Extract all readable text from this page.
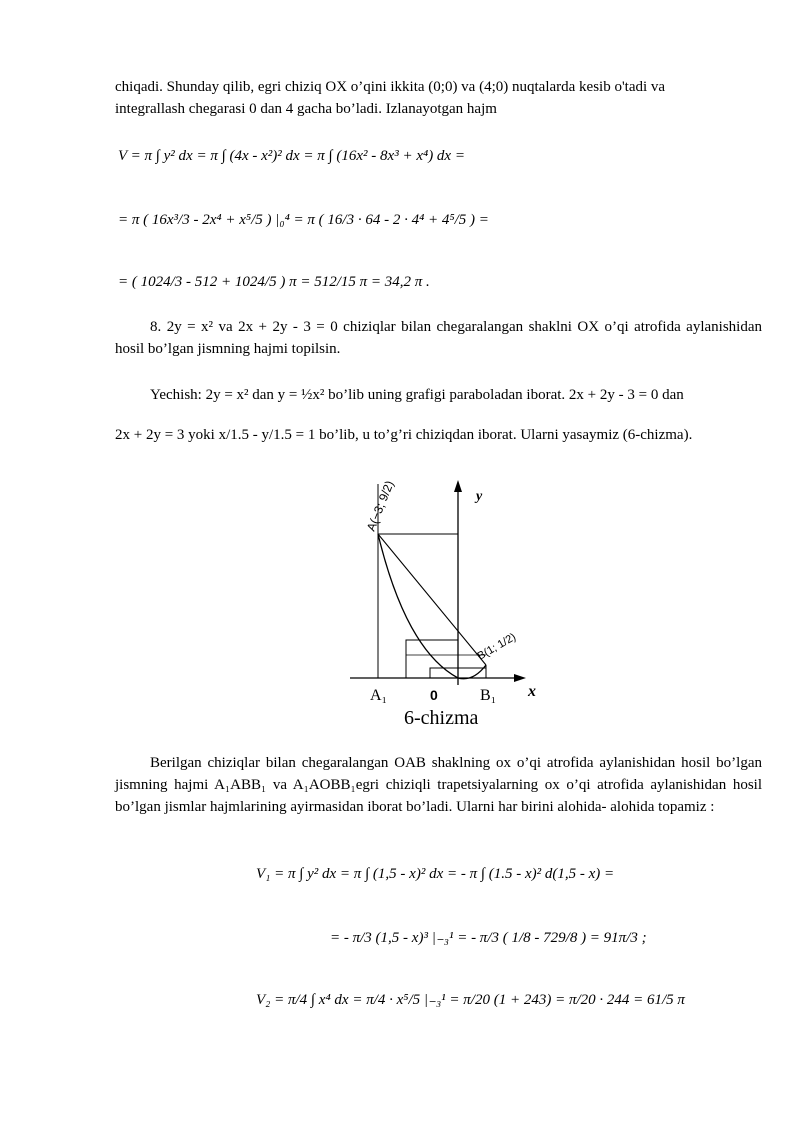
chiqadi. Shunday qilib, egri chiziq OX o’qini ikkita (0;0) va (4;0) nuqtalarda kesib o'tadi va
integrallash chegarasi 0 dan 4 gacha bo’ladi. Izlanayotgan hajm
V = π ∫ y² dx = π ∫ (4x - x²)² dx = π ∫ (16x² - 8x³ + x⁴) dx =
= π ( 16x³/3 - 2x⁴ + x⁵/5 ) |₀⁴ = π ( 16/3 · 64 - 2 · 4⁴ + 4⁵/5 ) =
= ( 1024/3 - 512 + 1024/5 ) π = 512/15 π = 34,2 π .
8. 2y = x² va 2x + 2y - 3 = 0 chiziqlar bilan chegaralangan shaklni OX o’qi atrofida aylanishidan hosil bo’lgan jismning hajmi topilsin.
Yechish: 2y = x² dan y = ½x² bo’lib uning grafigi paraboladan iborat. 2x + 2y - 3 = 0 dan
2x + 2y = 3 yoki x/1.5 - y/1.5 = 1 bo’lib, u to’g’ri chiziqdan iborat. Ularni yasaymiz (6-chizma).
y
x
A(−3; 9/2)
B(1; 1/2)
A₁	0	B₁
6-chizma
Berilgan chiziqlar bilan chegaralangan OAB shaklning ox o’qi atrofida aylanishidan hosil bo’lgan jismning hajmi A₁ABB₁ va A₁AOBB₁egri chiziqli trapetsiyalarning ox o’qi atrofida aylanishidan hosil bo’lgan jismlar hajmlarining ayirmasidan iborat bo’ladi. Ularni har birini alohida- alohida topamiz :
V₁ = π ∫ y² dx = π ∫ (1,5 - x)² dx = - π ∫ (1.5 - x)² d(1,5 - x) =
= - π/3 (1,5 - x)³ |₋₃¹ = - π/3 ( 1/8 - 729/8 ) = 91π/3 ;
V₂ = π/4 ∫ x⁴ dx = π/4 · x⁵/5 |₋₃¹ = π/20 (1 + 243) = π/20 · 244 = 61/5 π
